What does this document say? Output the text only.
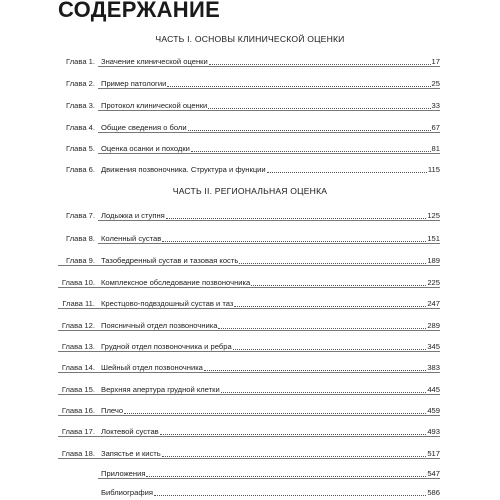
СОДЕРЖАНИЕ
ЧАСТЬ I. ОСНОВЫ КЛИНИЧЕСКОЙ ОЦЕНКИ
Глава 1. Значение клинической оценки	17
Глава 2. Пример патологии	25
Глава 3. Протокол клинической оценки	33
Глава 4. Общие сведения о боли	67
Глава 5. Оценка осанки и походки	81
Глава 6. Движения позвоночника. Структура и функции	115
ЧАСТЬ II. РЕГИОНАЛЬНАЯ ОЦЕНКА
Глава 7. Лодыжка и ступня	125
Глава 8. Коленный сустав	151
Глава 9. Тазобедренный сустав и тазовая кость	189
Глава 10. Комплексное обследование позвоночника	225
Глава 11. Крестцово-подвздошный сустав и таз	247
Глава 12. Поясничный отдел позвоночника	289
Глава 13. Грудной отдел позвоночника и ребра	345
Глава 14. Шейный отдел позвоночника	383
Глава 15. Верхняя апертура грудной клетки	445
Глава 16. Плечо	459
Глава 17. Локтевой сустав	493
Глава 18. Запястье и кисть	517
Приложения	547
Библиография	586
